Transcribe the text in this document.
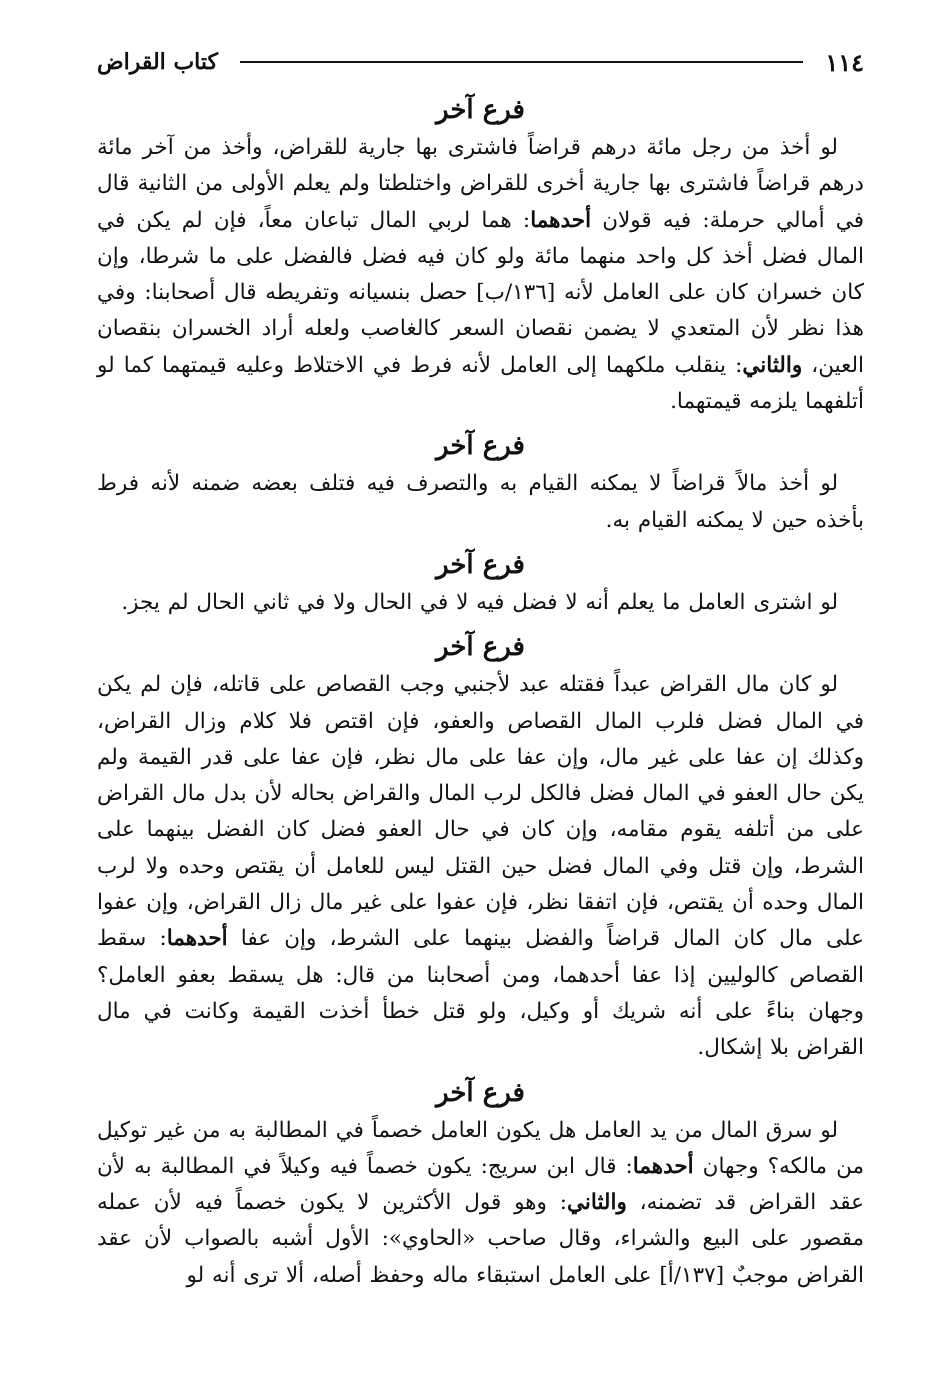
١١٤
كتاب القراض
فرع آخر

لو أخذ من رجل مائة درهم قراضاً فاشترى بها جارية للقراض، وأخذ من آخر مائة درهم قراضاً فاشترى بها جارية أخرى للقراض واختلطتا ولم يعلم الأولى من الثانية قال في أمالي حرملة: فيه قولان أحدهما: هما لربي المال تباعان معاً، فإن لم يكن في المال فضل أخذ كل واحد منهما مائة ولو كان فيه فضل فالفضل على ما شرطا، وإن كان خسران كان على العامل لأنه [١٣٦/ب] حصل بنسيانه وتفريطه قال أصحابنا: وفي هذا نظر لأن المتعدي لا يضمن نقصان السعر كالغاصب ولعله أراد الخسران بنقصان العين، والثاني: ينقلب ملكهما إلى العامل لأنه فرط في الاختلاط وعليه قيمتهما كما لو أتلفهما يلزمه قيمتهما.

فرع آخر

لو أخذ مالاً قراضاً لا يمكنه القيام به والتصرف فيه فتلف بعضه ضمنه لأنه فرط بأخذه حين لا يمكنه القيام به.

فرع آخر

لو اشترى العامل ما يعلم أنه لا فضل فيه لا في الحال ولا في ثاني الحال لم يجز.

فرع آخر

لو كان مال القراض عبداً فقتله عبد لأجنبي وجب القصاص على قاتله، فإن لم يكن في المال فضل فلرب المال القصاص والعفو، فإن اقتص فلا كلام وزال القراض، وكذلك إن عفا على غير مال، وإن عفا على مال نظر، فإن عفا على قدر القيمة ولم يكن حال العفو في المال فضل فالكل لرب المال والقراض بحاله لأن بدل مال القراض على من أتلفه يقوم مقامه، وإن كان في حال العفو فضل كان الفضل بينهما على الشرط، وإن قتل وفي المال فضل حين القتل ليس للعامل أن يقتص وحده ولا لرب المال وحده أن يقتص، فإن اتفقا نظر، فإن عفوا على غير مال زال القراض، وإن عفوا على مال كان المال قراضاً والفضل بينهما على الشرط، وإن عفا أحدهما: سقط القصاص كالوليين إذا عفا أحدهما، ومن أصحابنا من قال: هل يسقط بعفو العامل؟ وجهان بناءً على أنه شريك أو وكيل، ولو قتل خطأ أخذت القيمة وكانت في مال القراض بلا إشكال.

فرع آخر

لو سرق المال من يد العامل هل يكون العامل خصماً في المطالبة به من غير توكيل من مالكه؟ وجهان أحدهما: قال ابن سريج: يكون خصماً فيه وكيلاً في المطالبة به لأن عقد القراض قد تضمنه، والثاني: وهو قول الأكثرين لا يكون خصماً فيه لأن عمله مقصور على البيع والشراء، وقال صاحب «الحاوي»: الأول أشبه بالصواب لأن عقد القراض موجبٌ [١٣٧/أ] على العامل استبقاء ماله وحفظ أصله، ألا ترى أنه لو
